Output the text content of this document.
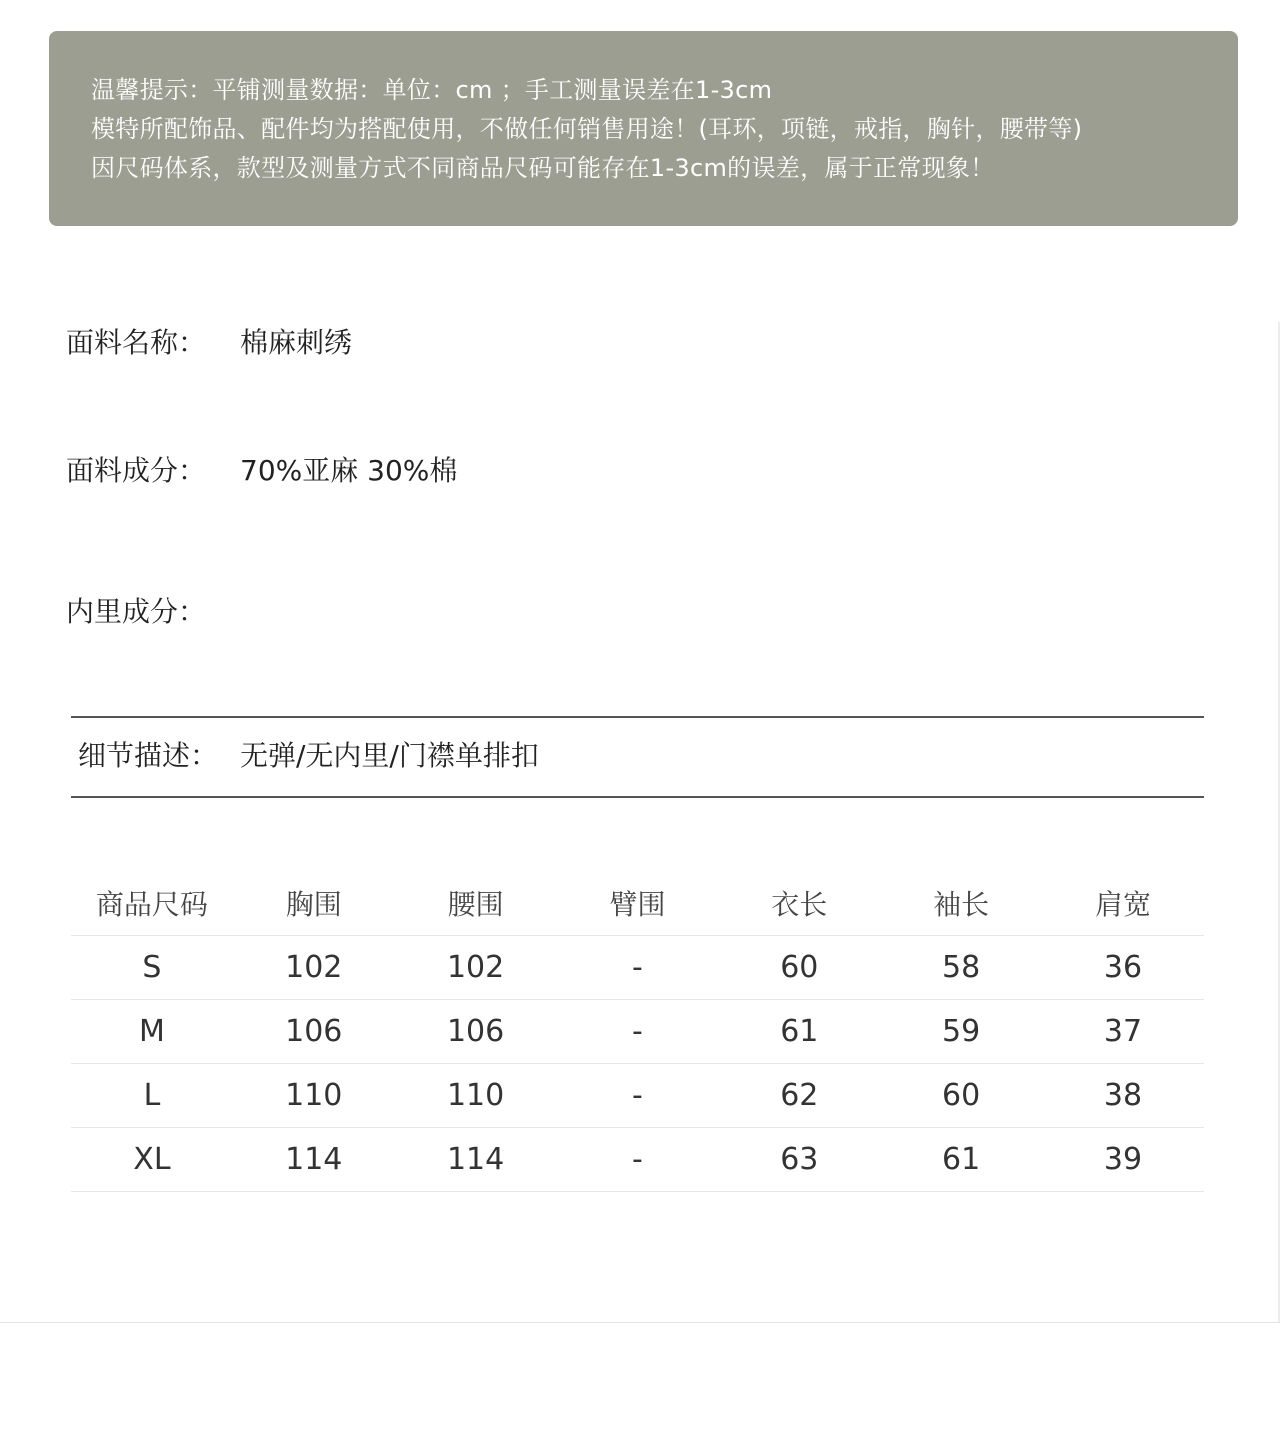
温馨提示：平铺测量数据：单位：cm ；手工测量误差在1-3cm
模特所配饰品、配件均为搭配使用，不做任何销售用途！(耳环，项链，戒指，胸针，腰带等)
因尺码体系，款型及测量方式不同商品尺码可能存在1-3cm的误差，属于正常现象！
面料名称： 棉麻刺绣
面料成分： 70%亚麻 30%棉
内里成分：
细节描述： 无弹/无内里/门襟单排扣
商品尺码	胸围	腰围	臂围	衣长	袖长	肩宽
S	102	102	-	60	58	36
M	106	106	-	61	59	37
L	110	110	-	62	60	38
XL	114	114	-	63	61	39
